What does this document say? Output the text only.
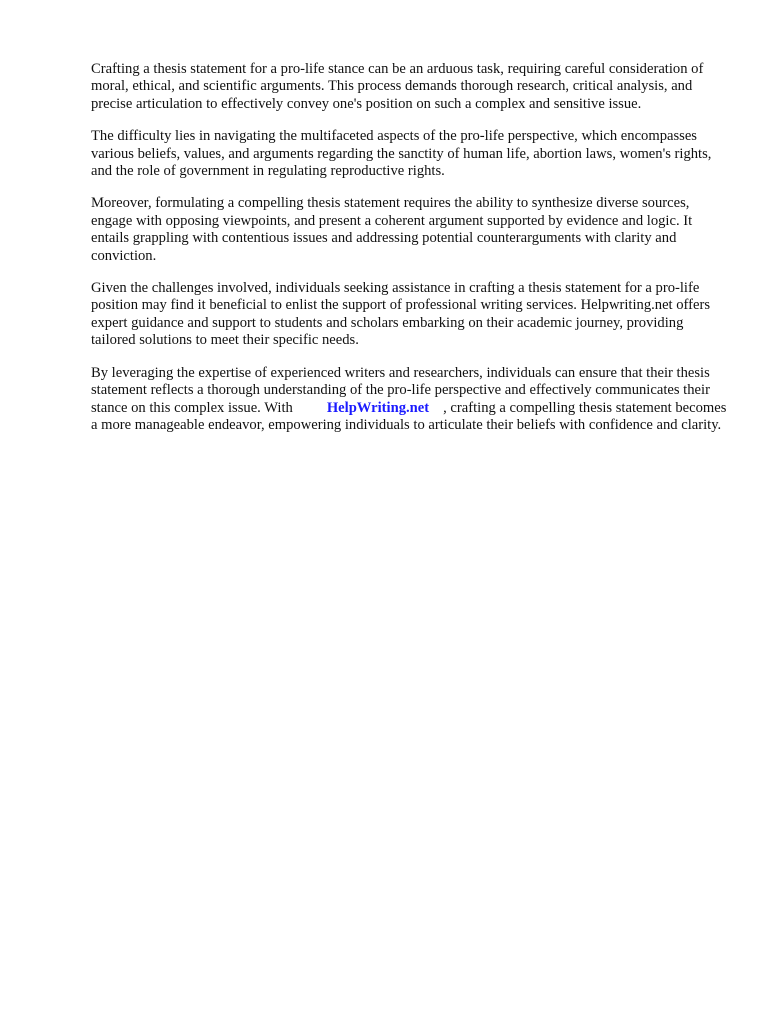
Crafting a thesis statement for a pro-life stance can be an arduous task, requiring careful consideration of moral, ethical, and scientific arguments. This process demands thorough research, critical analysis, and precise articulation to effectively convey one's position on such a complex and sensitive issue.

The difficulty lies in navigating the multifaceted aspects of the pro-life perspective, which encompasses various beliefs, values, and arguments regarding the sanctity of human life, abortion laws, women's rights, and the role of government in regulating reproductive rights.

Moreover, formulating a compelling thesis statement requires the ability to synthesize diverse sources, engage with opposing viewpoints, and present a coherent argument supported by evidence and logic. It entails grappling with contentious issues and addressing potential counterarguments with clarity and conviction.

Given the challenges involved, individuals seeking assistance in crafting a thesis statement for a pro-life position may find it beneficial to enlist the support of professional writing services. Helpwriting.net offers expert guidance and support to students and scholars embarking on their academic journey, providing tailored solutions to meet their specific needs.

By leveraging the expertise of experienced writers and researchers, individuals can ensure that their thesis statement reflects a thorough understanding of the pro-life perspective and effectively communicates their stance on this complex issue. With HelpWriting.net , crafting a compelling thesis statement becomes a more manageable endeavor, empowering individuals to articulate their beliefs with confidence and clarity.
